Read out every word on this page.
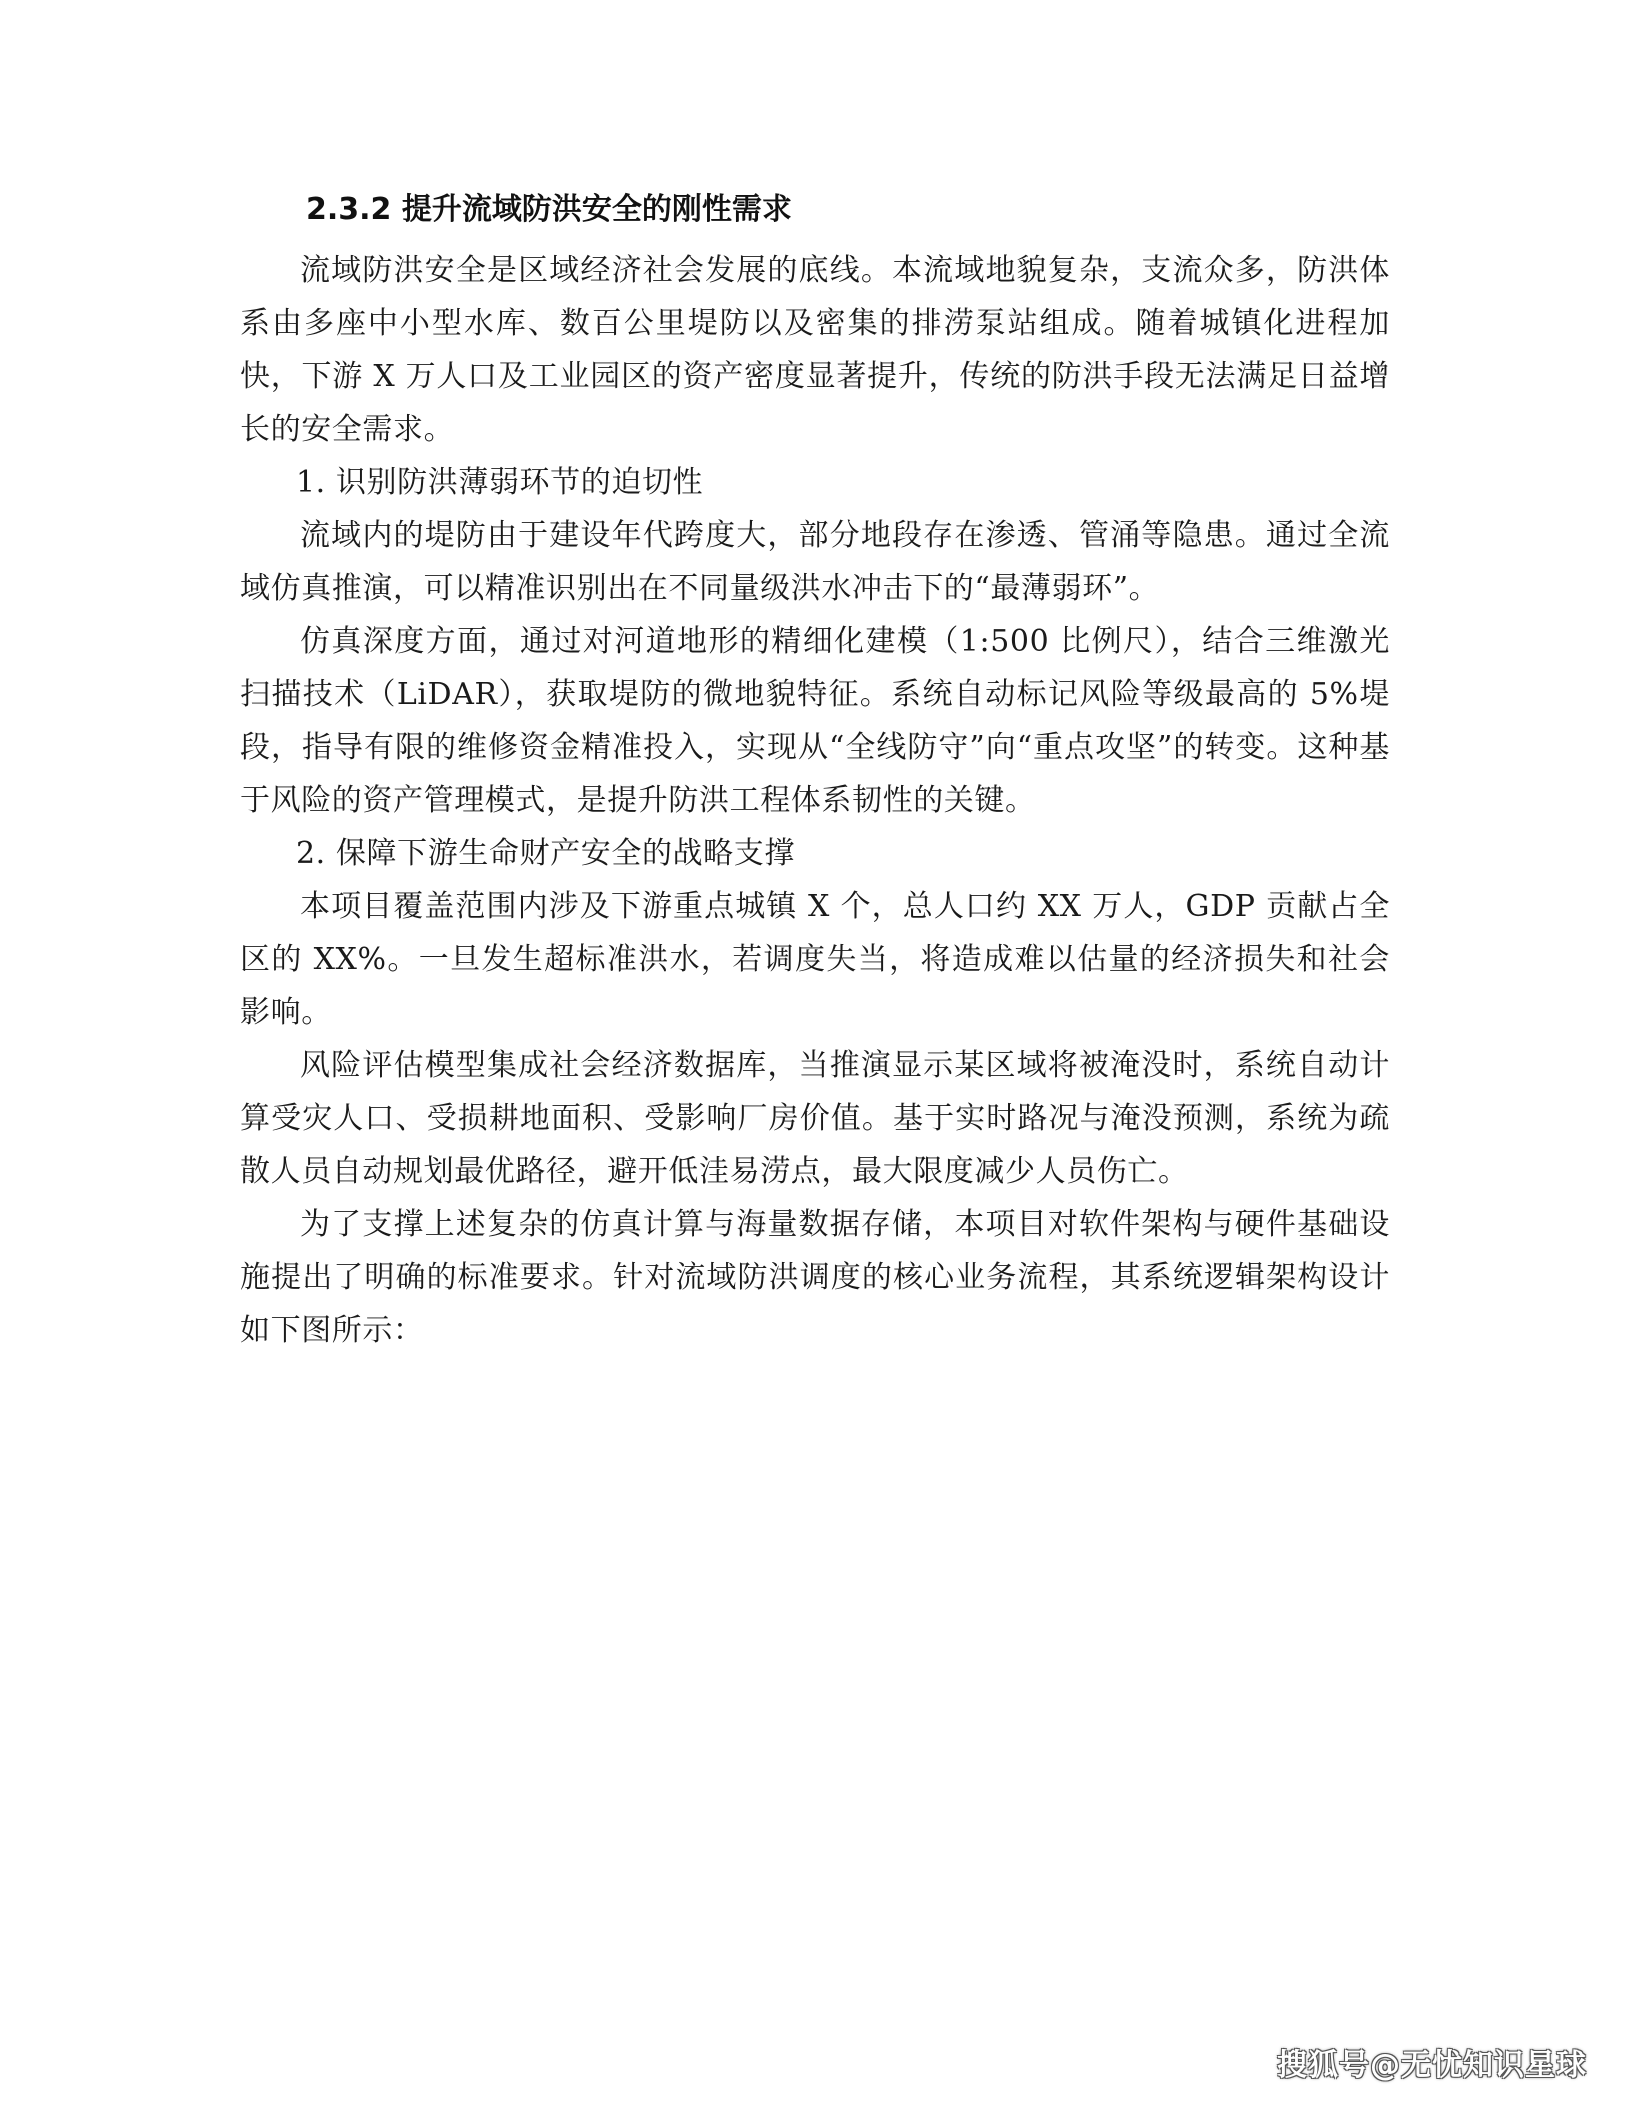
2.3.2 提升流域防洪安全的刚性需求

流域防洪安全是区域经济社会发展的底线。本流域地貌复杂，支流众多，防洪体系由多座中小型水库、数百公里堤防以及密集的排涝泵站组成。随着城镇化进程加快，下游 X 万人口及工业园区的资产密度显著提升，传统的防洪手段无法满足日益增长的安全需求。

1. 识别防洪薄弱环节的迫切性

流域内的堤防由于建设年代跨度大，部分地段存在渗透、管涌等隐患。通过全流域仿真推演，可以精准识别出在不同量级洪水冲击下的“最薄弱环”。

仿真深度方面，通过对河道地形的精细化建模（1:500 比例尺），结合三维激光扫描技术（LiDAR），获取堤防的微地貌特征。系统自动标记风险等级最高的 5%堤段，指导有限的维修资金精准投入，实现从“全线防守”向“重点攻坚”的转变。这种基于风险的资产管理模式，是提升防洪工程体系韧性的关键。

2. 保障下游生命财产安全的战略支撑

本项目覆盖范围内涉及下游重点城镇 X 个，总人口约 XX 万人，GDP 贡献占全区的 XX%。一旦发生超标准洪水，若调度失当，将造成难以估量的经济损失和社会影响。

风险评估模型集成社会经济数据库，当推演显示某区域将被淹没时，系统自动计算受灾人口、受损耕地面积、受影响厂房价值。基于实时路况与淹没预测，系统为疏散人员自动规划最优路径，避开低洼易涝点，最大限度减少人员伤亡。

为了支撑上述复杂的仿真计算与海量数据存储，本项目对软件架构与硬件基础设施提出了明确的标准要求。针对流域防洪调度的核心业务流程，其系统逻辑架构设计如下图所示：

搜狐号@无忧知识星球
